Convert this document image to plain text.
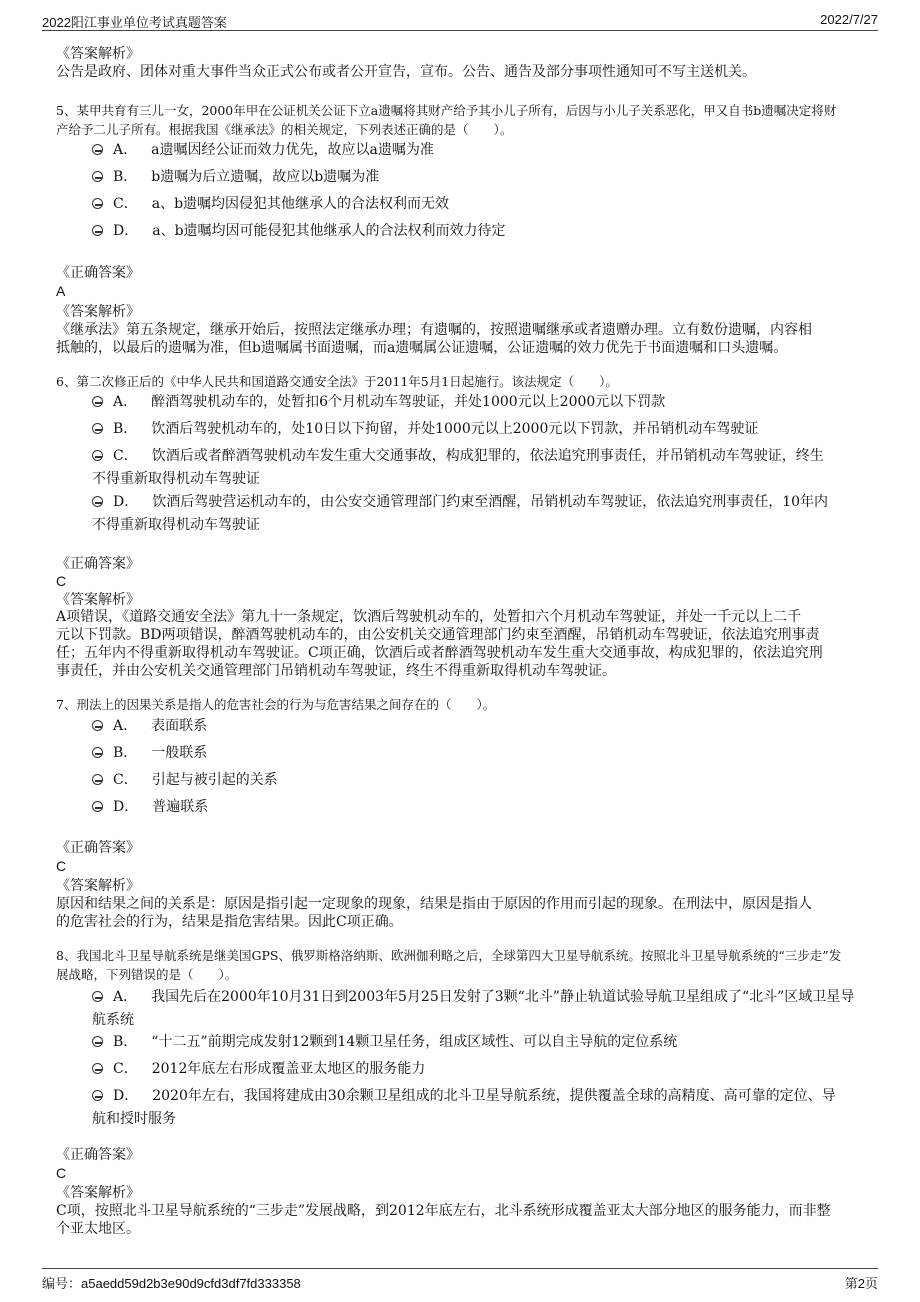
2022阳江事业单位考试真题答案	2022/7/27

《答案解析》

公告是政府、团体对重大事件当众正式公布或者公开宣告，宣布。公告、通告及部分事项性通知可不写主送机关。

5、某甲共育有三儿一女，2000年甲在公证机关公证下立a遗嘱将其财产给予其小儿子所有，后因与小儿子关系恶化，甲又自书b遗嘱决定将财

产给予二儿子所有。根据我国《继承法》的相关规定，下列表述正确的是（　　）。

A． a遗嘱因经公证而效力优先，故应以a遗嘱为准
B． b遗嘱为后立遗嘱，故应以b遗嘱为准
C． a、b遗嘱均因侵犯其他继承人的合法权利而无效
D． a、b遗嘱均因可能侵犯其他继承人的合法权利而效力待定

《正确答案》

A

《答案解析》

《继承法》第五条规定，继承开始后，按照法定继承办理；有遗嘱的，按照遗嘱继承或者遗赠办理。立有数份遗嘱，内容相

抵触的，以最后的遗嘱为准，但b遗嘱属书面遗嘱，而a遗嘱属公证遗嘱，公证遗嘱的效力优先于书面遗嘱和口头遗嘱。

6、第二次修正后的《中华人民共和国道路交通安全法》于2011年5月1日起施行。该法规定（　　）。

A． 醉酒驾驶机动车的，处暂扣6个月机动车驾驶证，并处1000元以上2000元以下罚款
B． 饮酒后驾驶机动车的，处10日以下拘留，并处1000元以上2000元以下罚款，并吊销机动车驾驶证
C． 饮酒后或者醉酒驾驶机动车发生重大交通事故，构成犯罪的，依法追究刑事责任，并吊销机动车驾驶证，终生
不得重新取得机动车驾驶证
D． 饮酒后驾驶营运机动车的，由公安交通管理部门约束至酒醒，吊销机动车驾驶证，依法追究刑事责任，10年内
不得重新取得机动车驾驶证

《正确答案》

C

《答案解析》

A项错误，《道路交通安全法》第九十一条规定，饮酒后驾驶机动车的，处暂扣六个月机动车驾驶证，并处一千元以上二千

元以下罚款。BD两项错误，醉酒驾驶机动车的，由公安机关交通管理部门约束至酒醒，吊销机动车驾驶证，依法追究刑事责

任；五年内不得重新取得机动车驾驶证。C项正确，饮酒后或者醉酒驾驶机动车发生重大交通事故，构成犯罪的，依法追究刑

事责任，并由公安机关交通管理部门吊销机动车驾驶证，终生不得重新取得机动车驾驶证。

7、刑法上的因果关系是指人的危害社会的行为与危害结果之间存在的（　　）。

A． 表面联系
B． 一般联系
C． 引起与被引起的关系
D． 普遍联系

《正确答案》

C

《答案解析》

原因和结果之间的关系是：原因是指引起一定现象的现象，结果是指由于原因的作用而引起的现象。在刑法中，原因是指人

的危害社会的行为，结果是指危害结果。因此C项正确。

8、我国北斗卫星导航系统是继美国GPS、俄罗斯格洛纳斯、欧洲伽利略之后，全球第四大卫星导航系统。按照北斗卫星导航系统的“三步走”发

展战略，下列错误的是（　　）。

A． 我国先后在2000年10月31日到2003年5月25日发射了3颗“北斗”静止轨道试验导航卫星组成了“北斗”区域卫星导
航系统
B． “十二五”前期完成发射12颗到14颗卫星任务，组成区域性、可以自主导航的定位系统
C． 2012年底左右形成覆盖亚太地区的服务能力
D． 2020年左右，我国将建成由30余颗卫星组成的北斗卫星导航系统，提供覆盖全球的高精度、高可靠的定位、导
航和授时服务

《正确答案》

C

《答案解析》

C项，按照北斗卫星导航系统的“三步走”发展战略，到2012年底左右，北斗系统形成覆盖亚太大部分地区的服务能力，而非整

个亚太地区。

编号：a5aedd59d2b3e90d9cfd3df7fd333358	第2页
